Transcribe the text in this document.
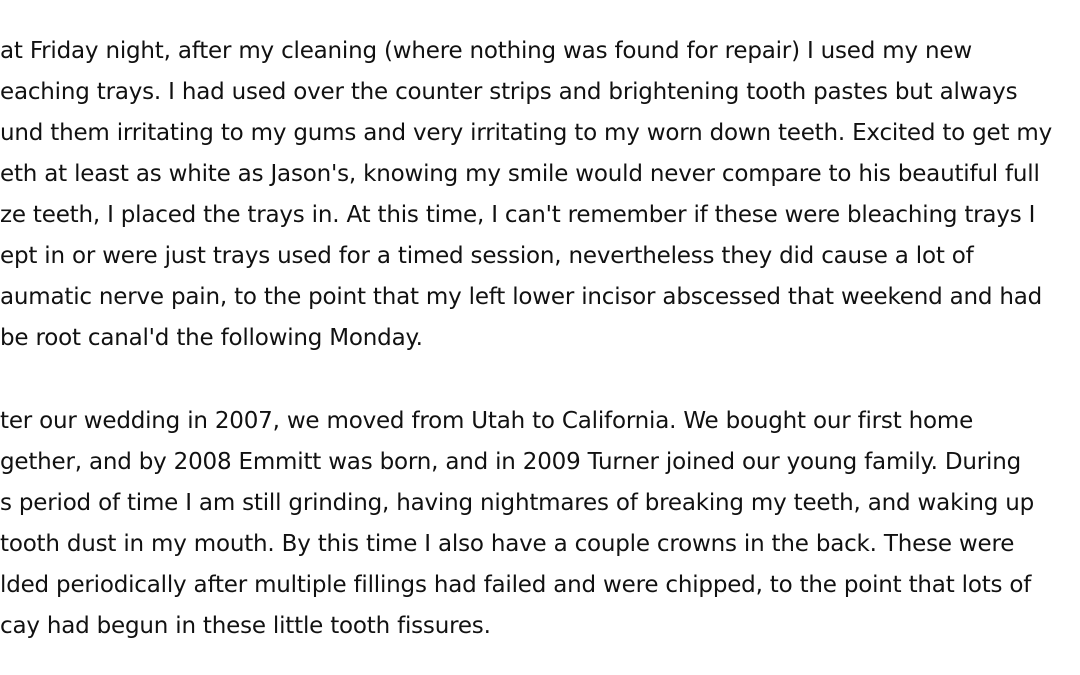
at Friday night, after my cleaning (where nothing was found for repair) I used my new
eaching trays. I had used over the counter strips and brightening tooth pastes but always
und them irritating to my gums and very irritating to my worn down teeth. Excited to get my
eth at least as white as Jason's, knowing my smile would never compare to his beautiful full
ze teeth, I placed the trays in. At this time, I can't remember if these were bleaching trays I
ept in or were just trays used for a timed session, nevertheless they did cause a lot of
aumatic nerve pain, to the point that my left lower incisor abscessed that weekend and had
be root canal'd the following Monday.
ter our wedding in 2007, we moved from Utah to California. We bought our first home
gether, and by 2008 Emmitt was born, and in 2009 Turner joined our young family. During
s period of time I am still grinding, having nightmares of breaking my teeth, and waking up
tooth dust in my mouth. By this time I also have a couple crowns in the back. These were
lded periodically after multiple fillings had failed and were chipped, to the point that lots of
cay had begun in these little tooth fissures.
